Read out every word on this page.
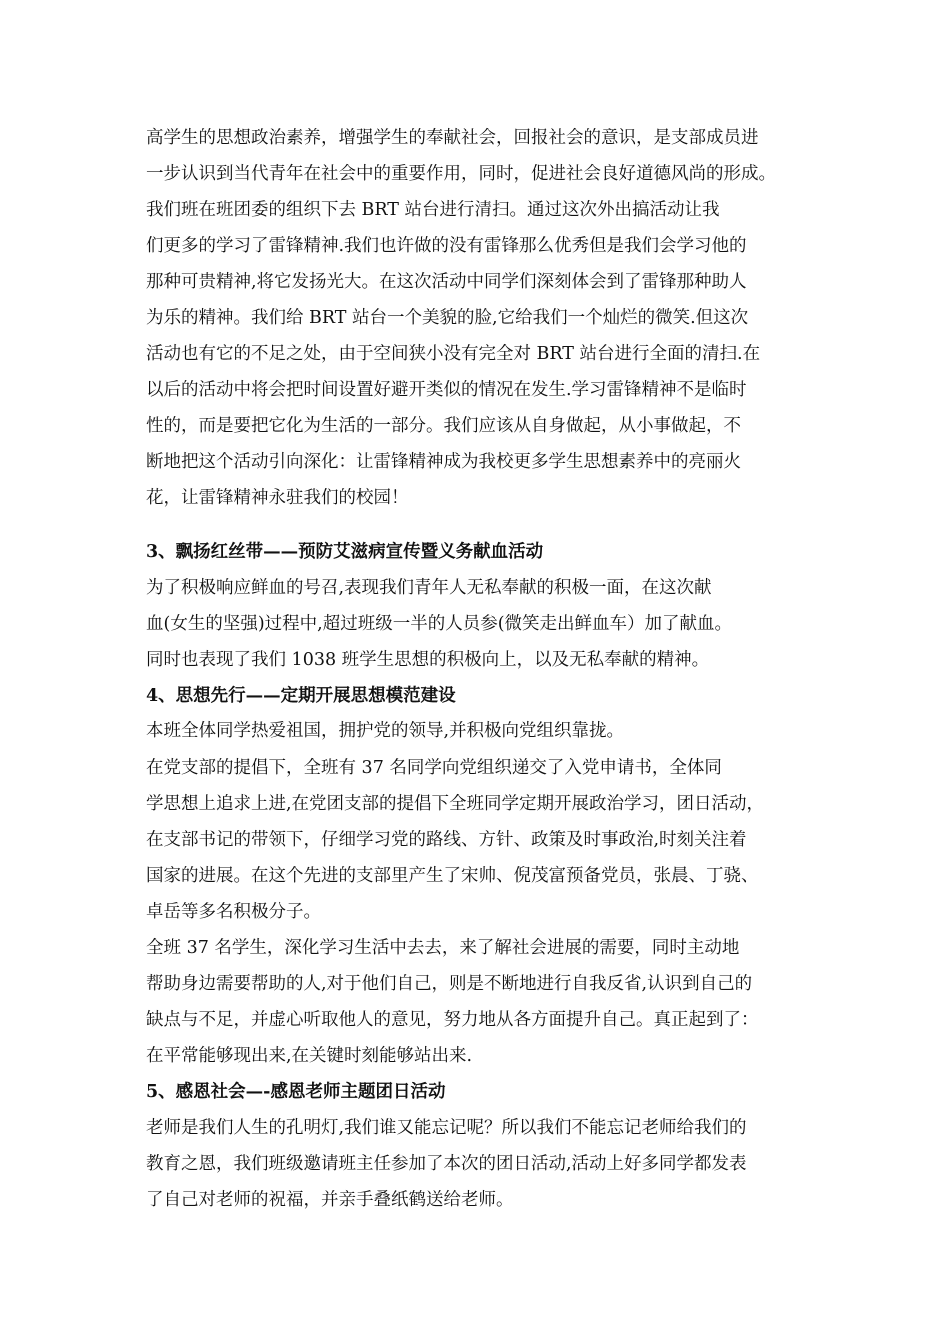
高学生的思想政治素养，增强学生的奉献社会，回报社会的意识，是支部成员进
一步认识到当代青年在社会中的重要作用，同时，促进社会良好道德风尚的形成。
我们班在班团委的组织下去 BRT 站台进行清扫。通过这次外出搞活动让我
们更多的学习了雷锋精神.我们也许做的没有雷锋那么优秀但是我们会学习他的
那种可贵精神,将它发扬光大。在这次活动中同学们深刻体会到了雷锋那种助人
为乐的精神。我们给 BRT 站台一个美貌的脸,它给我们一个灿烂的微笑.但这次
活动也有它的不足之处，由于空间狭小没有完全对 BRT 站台进行全面的清扫.在
以后的活动中将会把时间设置好避开类似的情况在发生.学习雷锋精神不是临时
性的，而是要把它化为生活的一部分。我们应该从自身做起，从小事做起，不
断地把这个活动引向深化：让雷锋精神成为我校更多学生思想素养中的亮丽火
花，让雷锋精神永驻我们的校园！
3、飘扬红丝带——预防艾滋病宣传暨义务献血活动
为了积极响应鲜血的号召,表现我们青年人无私奉献的积极一面，在这次献
血(女生的坚强)过程中,超过班级一半的人员参(微笑走出鲜血车）加了献血。
同时也表现了我们 1038 班学生思想的积极向上，以及无私奉献的精神。
4、思想先行——定期开展思想模范建设
本班全体同学热爱祖国，拥护党的领导,并积极向党组织靠拢。
在党支部的提倡下，全班有 37 名同学向党组织递交了入党申请书，全体同
学思想上追求上进,在党团支部的提倡下全班同学定期开展政治学习，团日活动，
在支部书记的带领下，仔细学习党的路线、方针、政策及时事政治,时刻关注着
国家的进展。在这个先进的支部里产生了宋帅、倪茂富预备党员，张晨、丁骁、
卓岳等多名积极分子。
全班 37 名学生，深化学习生活中去去，来了解社会进展的需要，同时主动地
帮助身边需要帮助的人,对于他们自己，则是不断地进行自我反省,认识到自己的
缺点与不足，并虚心听取他人的意见，努力地从各方面提升自己。真正起到了：
在平常能够现出来,在关键时刻能够站出来.
5、感恩社会—-感恩老师主题团日活动
老师是我们人生的孔明灯,我们谁又能忘记呢？所以我们不能忘记老师给我们的
教育之恩，我们班级邀请班主任参加了本次的团日活动,活动上好多同学都发表
了自己对老师的祝福，并亲手叠纸鹤送给老师。
